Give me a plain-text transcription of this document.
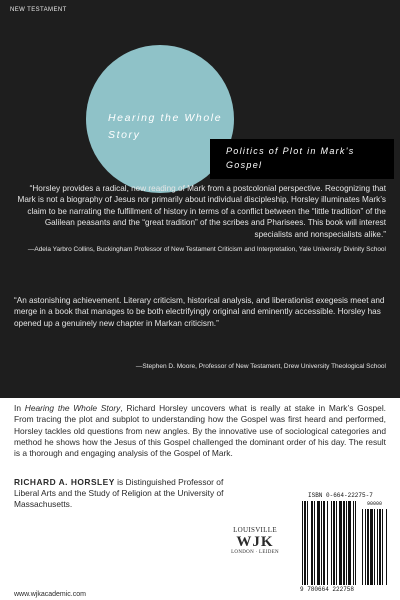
NEW TESTAMENT
Hearing the Whole Story
Politics of Plot in Mark's Gospel
“Horsley provides a radical, new reading of Mark from a postcolonial perspective. Recognizing that Mark is not a biography of Jesus nor primarily about individual discipleship, Horsley illuminates Mark’s claim to be narrating the fulfillment of history in terms of a conflict between the “little tradition” of the Galilean peasants and the “great tradition” of the scribes and Pharisees. This book will interest specialists and nonspecialists alike.”
—Adela Yarbro Collins, Buckingham Professor of New Testament Criticism and Interpretation, Yale University Divinity School
“An astonishing achievement. Literary criticism, historical analysis, and liberationist exegesis meet and merge in a book that manages to be both electrifyingly original and eminently accessible. Horsley has opened up a genuinely new chapter in Markan criticism.”
—Stephen D. Moore, Professor of New Testament, Drew University Theological School
In Hearing the Whole Story, Richard Horsley uncovers what is really at stake in Mark’s Gospel. From tracing the plot and subplot to understanding how the Gospel was first heard and performed, Horsley tackles old questions from new angles. By the innovative use of sociological categories and method he shows how the Jesus of this Gospel challenged the dominant order of his day. The result is a thorough and engaging analysis of the Gospel of Mark.
RICHARD A. HORSLEY is Distinguished Professor of Liberal Arts and the Study of Religion at the University of Massachusetts.
LOUISVILLE
WJK
LONDON · LEIDEN
ISBN 0-664-22275-7
90000
9 780664 222758
www.wjkacademic.com
